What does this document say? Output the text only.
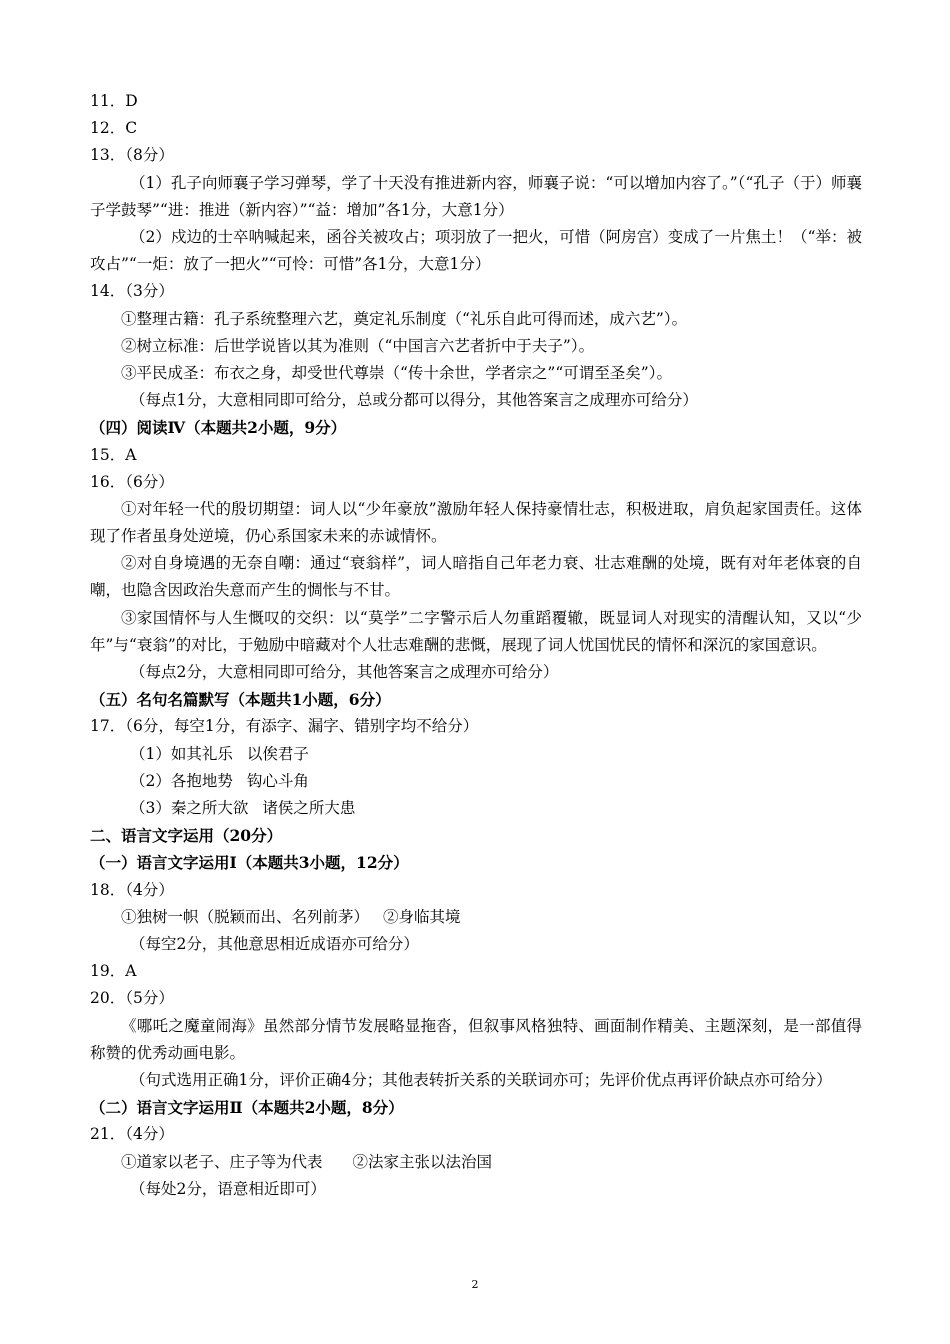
11．D
12．C
13．（8分）
（1）孔子向师襄子学习弹琴，学了十天没有推进新内容，师襄子说：“可以增加内容了。”（“孔子（于）师襄子学鼓琴”“进：推进（新内容）”“益：增加”各1分，大意1分）
（2）戍边的士卒呐喊起来，函谷关被攻占；项羽放了一把火，可惜（阿房宫）变成了一片焦土！（“举：被攻占”“一炬：放了一把火”“可怜：可惜”各1分，大意1分）
14．（3分）
①整理古籍：孔子系统整理六艺，奠定礼乐制度（“礼乐自此可得而述，成六艺”）。
②树立标准：后世学说皆以其为准则（“中国言六艺者折中于夫子”）。
③平民成圣：布衣之身，却受世代尊崇（“传十余世，学者宗之”“可谓至圣矣”）。
（每点1分，大意相同即可给分，总或分都可以得分，其他答案言之成理亦可给分）
（四）阅读Ⅳ（本题共2小题，9分）
15．A
16．（6分）
①对年轻一代的殷切期望：词人以“少年豪放”激励年轻人保持豪情壮志，积极进取，肩负起家国责任。这体现了作者虽身处逆境，仍心系国家未来的赤诚情怀。
②对自身境遇的无奈自嘲：通过“衰翁样”，词人暗指自己年老力衰、壮志难酬的处境，既有对年老体衰的自嘲，也隐含因政治失意而产生的惆怅与不甘。
③家国情怀与人生慨叹的交织：以“莫学”二字警示后人勿重蹈覆辙，既显词人对现实的清醒认知，又以“少年”与“衰翁”的对比，于勉励中暗藏对个人壮志难酬的悲慨，展现了词人忧国忧民的情怀和深沉的家国意识。
（每点2分，大意相同即可给分，其他答案言之成理亦可给分）
（五）名句名篇默写（本题共1小题，6分）
17．（6分，每空1分，有添字、漏字、错别字均不给分）
（1）如其礼乐 以俟君子
（2）各抱地势 钩心斗角
（3）秦之所大欲 诸侯之所大患
二、语言文字运用（20分）
（一）语言文字运用Ⅰ（本题共3小题，12分）
18．（4分）
①独树一帜（脱颖而出、名列前茅） ②身临其境
（每空2分，其他意思相近成语亦可给分）
19．A
20．（5分）
《哪吒之魔童闹海》虽然部分情节发展略显拖沓，但叙事风格独特、画面制作精美、主题深刻，是一部值得称赞的优秀动画电影。
（句式选用正确1分，评价正确4分；其他表转折关系的关联词亦可；先评价优点再评价缺点亦可给分）
（二）语言文字运用Ⅱ（本题共2小题，8分）
21．（4分）
①道家以老子、庄子等为代表 ②法家主张以法治国
（每处2分，语意相近即可）
2
